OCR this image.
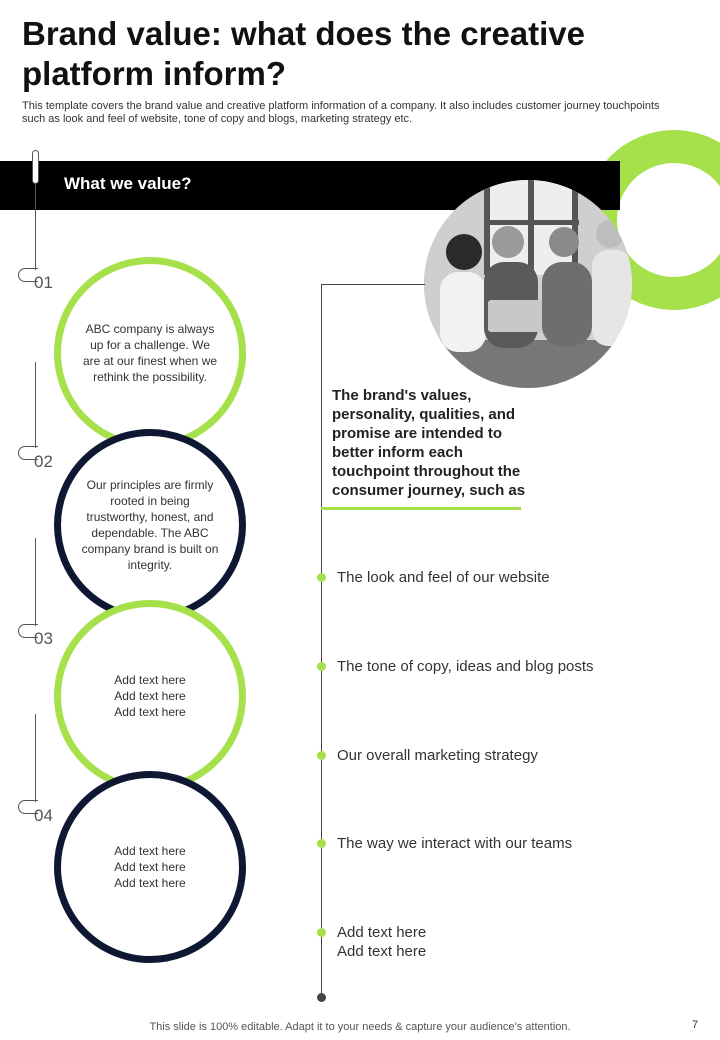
Brand value: what does the creative platform inform?
This template covers the brand value and creative platform information of a company. It also includes customer journey touchpoints such as look and feel of website, tone of copy and blogs, marketing strategy etc.
What we value?
01
02
03
04
ABC company is always up for a challenge. We are at our finest when we rethink the possibility.
Our principles are firmly rooted in being trustworthy, honest, and dependable. The ABC company brand is built on integrity.
Add text here Add text here Add text here
Add text here Add text here Add text here
The brand's values, personality, qualities, and promise are intended to better inform each touchpoint throughout the consumer journey, such as
The look and feel of our website
The tone of copy, ideas and blog posts
Our overall marketing strategy
The way we interact with our teams
Add text here Add text here
This slide is 100% editable. Adapt it to your needs & capture your audience’s attention.	7
